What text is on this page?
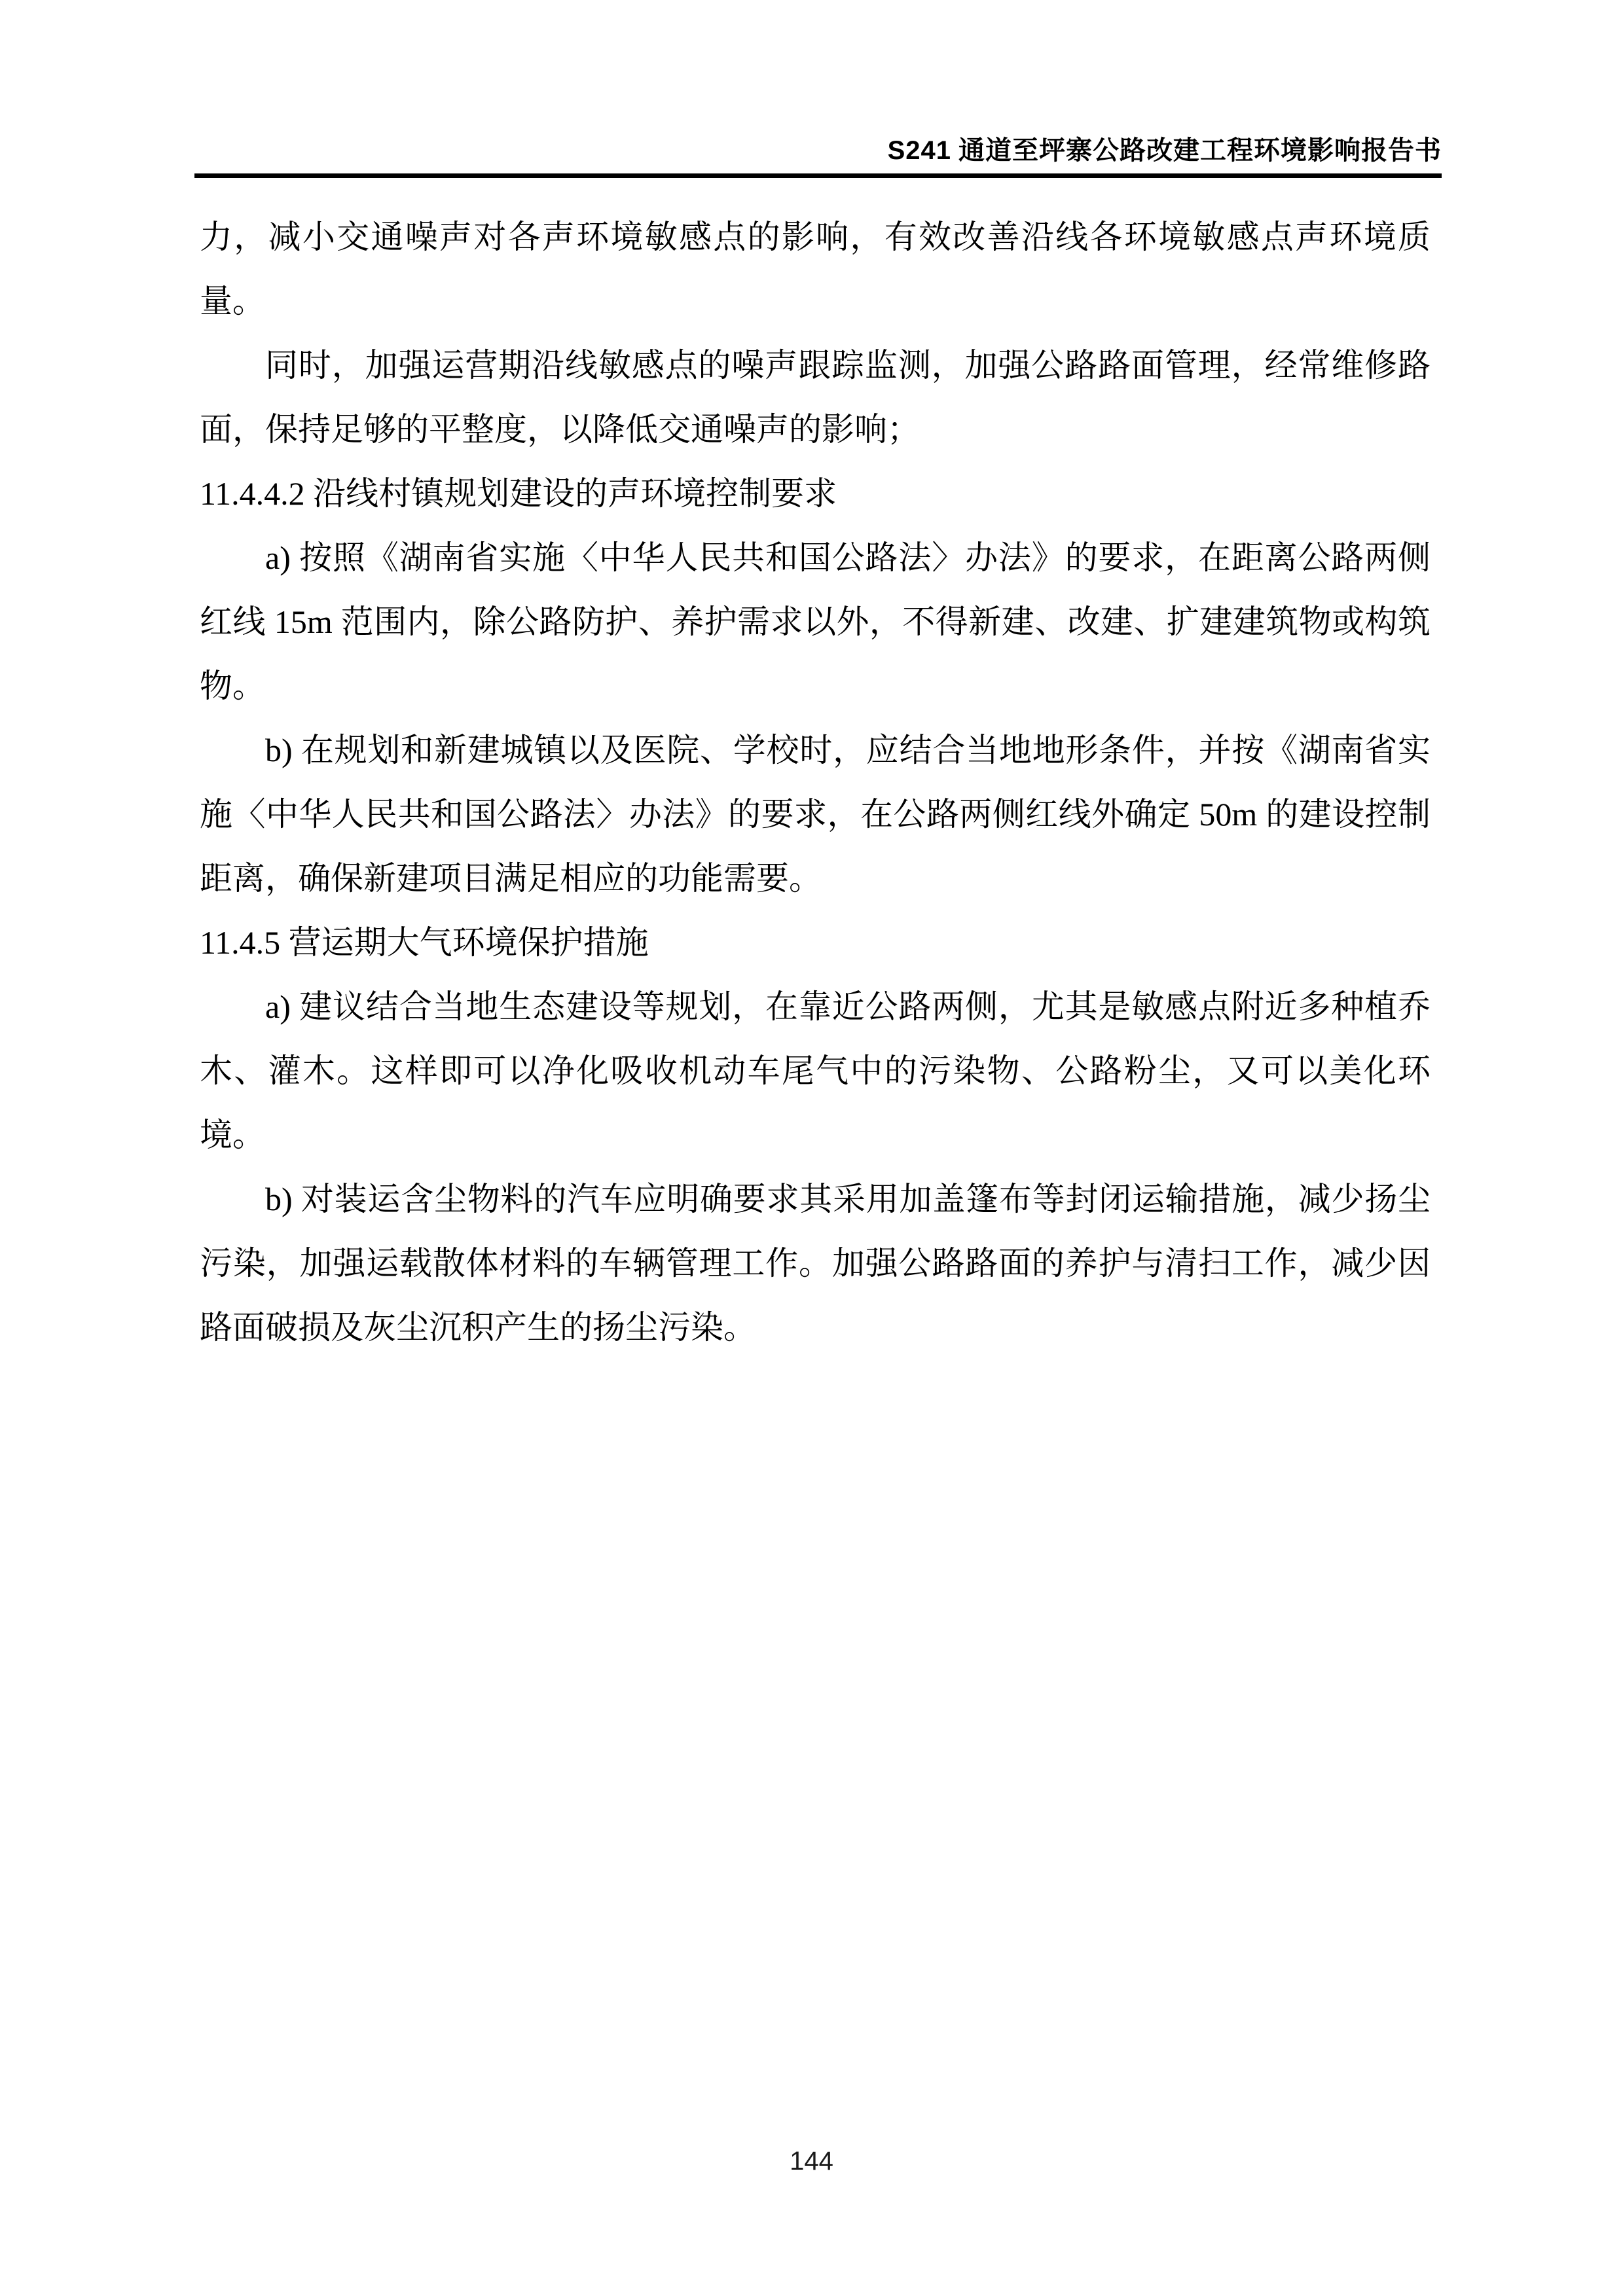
S241 通道至坪寨公路改建工程环境影响报告书

力，减小交通噪声对各声环境敏感点的影响，有效改善沿线各环境敏感点声环境质量。

同时，加强运营期沿线敏感点的噪声跟踪监测，加强公路路面管理，经常维修路面，保持足够的平整度，以降低交通噪声的影响；

11.4.4.2 沿线村镇规划建设的声环境控制要求

a) 按照《湖南省实施〈中华人民共和国公路法〉办法》的要求，在距离公路两侧红线 15m 范围内，除公路防护、养护需求以外，不得新建、改建、扩建建筑物或构筑物。

b) 在规划和新建城镇以及医院、学校时，应结合当地地形条件，并按《湖南省实施〈中华人民共和国公路法〉办法》的要求，在公路两侧红线外确定 50m 的建设控制距离，确保新建项目满足相应的功能需要。

11.4.5 营运期大气环境保护措施

a) 建议结合当地生态建设等规划，在靠近公路两侧，尤其是敏感点附近多种植乔木、灌木。这样即可以净化吸收机动车尾气中的污染物、公路粉尘，又可以美化环境。

b) 对装运含尘物料的汽车应明确要求其采用加盖篷布等封闭运输措施，减少扬尘污染，加强运载散体材料的车辆管理工作。加强公路路面的养护与清扫工作，减少因路面破损及灰尘沉积产生的扬尘污染。

144
